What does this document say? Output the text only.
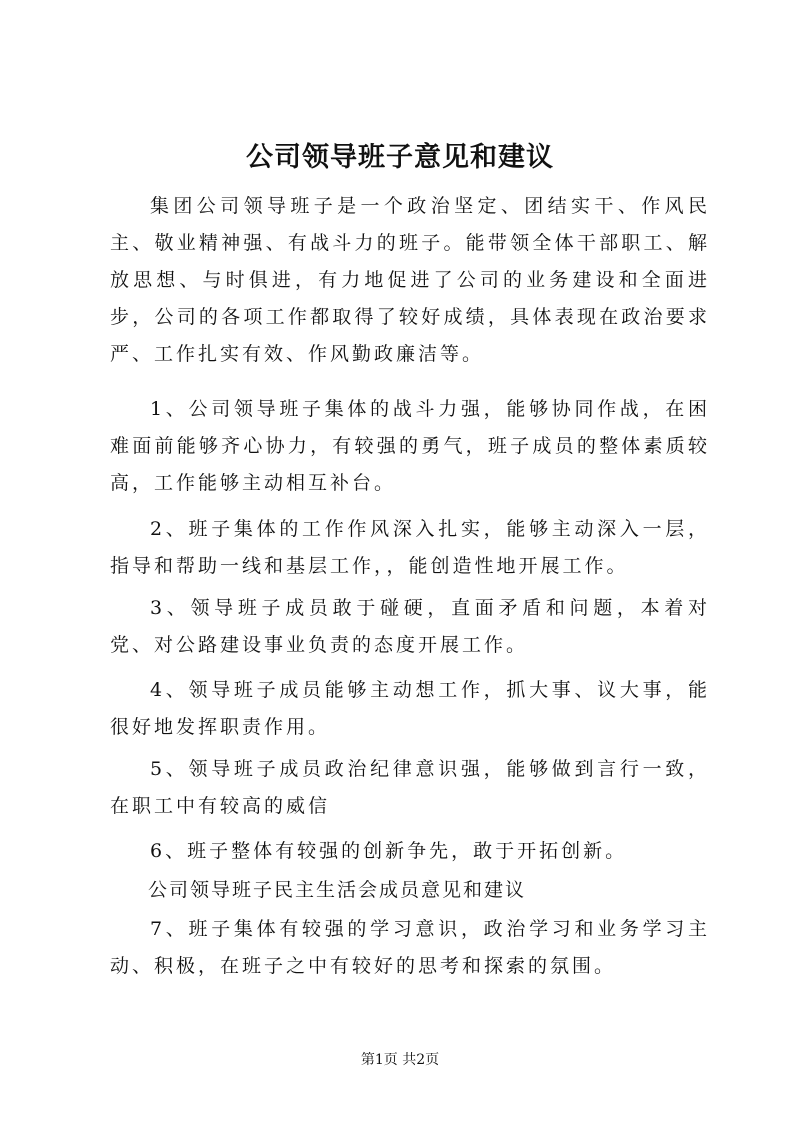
公司领导班子意见和建议

集团公司领导班子是一个政治坚定、团结实干、作风民主、敬业精神强、有战斗力的班子。能带领全体干部职工、解放思想、与时俱进，有力地促进了公司的业务建设和全面进步，公司的各项工作都取得了较好成绩，具体表现在政治要求严、工作扎实有效、作风勤政廉洁等。

1、公司领导班子集体的战斗力强，能够协同作战，在困难面前能够齐心协力，有较强的勇气，班子成员的整体素质较高，工作能够主动相互补台。

2、班子集体的工作作风深入扎实，能够主动深入一层，指导和帮助一线和基层工作，，能创造性地开展工作。

3、领导班子成员敢于碰硬，直面矛盾和问题，本着对党、对公路建设事业负责的态度开展工作。

4、领导班子成员能够主动想工作，抓大事、议大事，能很好地发挥职责作用。

5、领导班子成员政治纪律意识强，能够做到言行一致，在职工中有较高的威信

6、班子整体有较强的创新争先，敢于开拓创新。

公司领导班子民主生活会成员意见和建议

7、班子集体有较强的学习意识，政治学习和业务学习主动、积极，在班子之中有较好的思考和探索的氛围。

第1页 共2页
